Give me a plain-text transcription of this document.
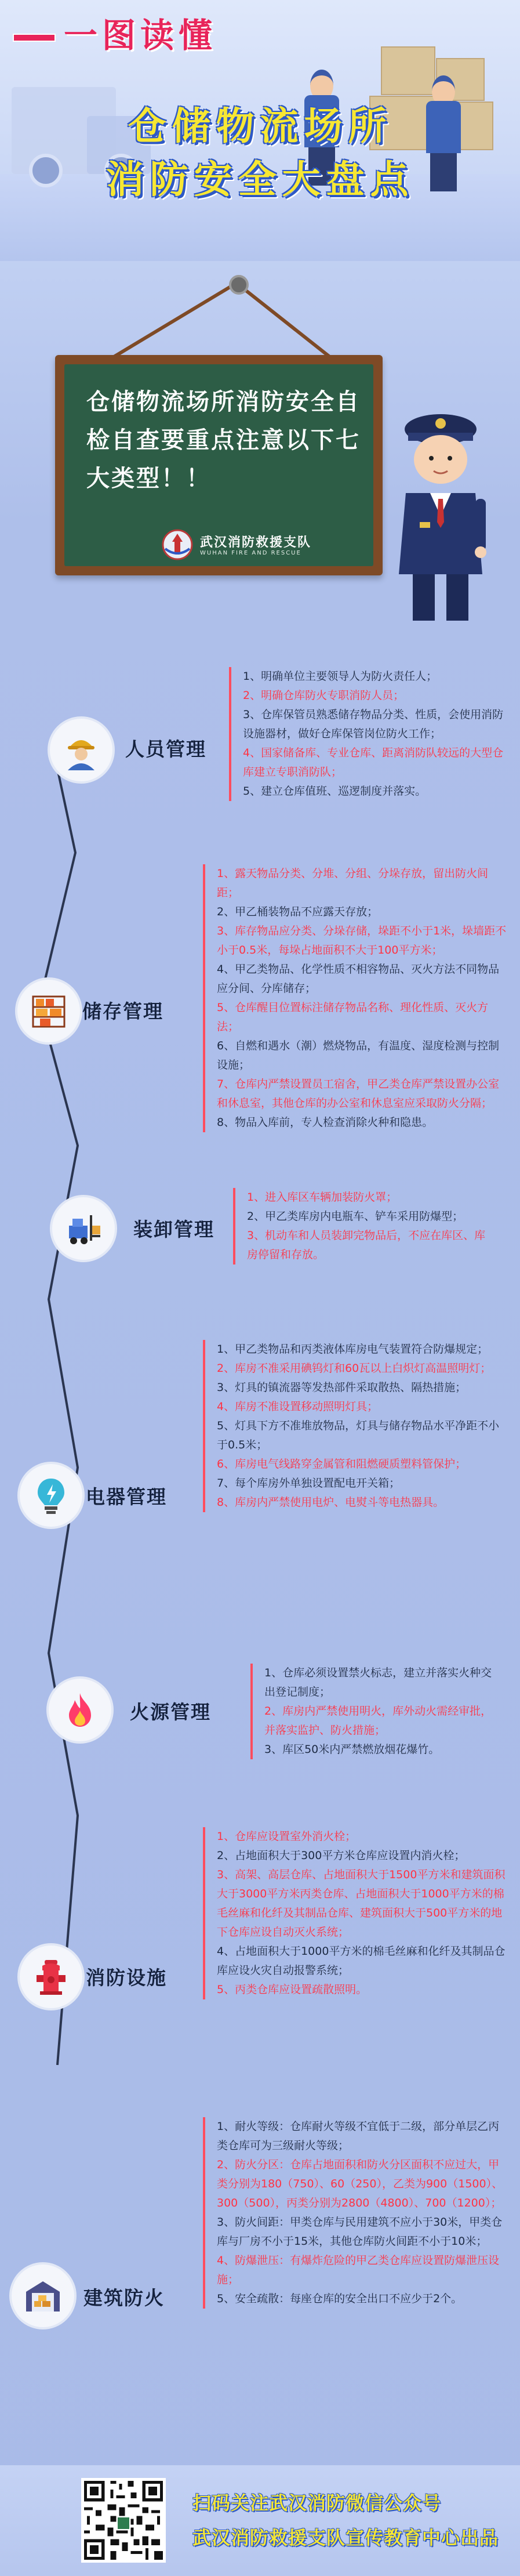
一图读懂
仓储物流场所
消防安全大盘点
仓储物流场所消防安全自检自查要重点注意以下七大类型！！
武汉消防救援支队
WUHAN FIRE AND RESCUE
人员管理
1、明确单位主要领导人为防火责任人；
2、明确仓库防火专职消防人员；
3、仓库保管员熟悉储存物品分类、性质，会使用消防设施器材，做好仓库保管岗位防火工作；
4、国家储备库、专业仓库、距离消防队较远的大型仓库建立专职消防队；
5、建立仓库值班、巡逻制度并落实。
储存管理
1、露天物品分类、分堆、分组、分垛存放，留出防火间距；
2、甲乙桶装物品不应露天存放；
3、库存物品应分类、分垛存储，垛距不小于1米，垛墙距不小于0.5米，每垛占地面积不大于100平方米；
4、甲乙类物品、化学性质不相容物品、灭火方法不同物品应分间、分库储存；
5、仓库醒目位置标注储存物品名称、理化性质、灭火方法；
6、自燃和遇水（潮）燃烧物品，有温度、湿度检测与控制设施；
7、仓库内严禁设置员工宿舍，甲乙类仓库严禁设置办公室和休息室，其他仓库的办公室和休息室应采取防火分隔；
8、物品入库前，专人检查消除火种和隐患。
装卸管理
1、进入库区车辆加装防火罩；
2、甲乙类库房内电瓶车、铲车采用防爆型；
3、机动车和人员装卸完物品后，不应在库区、库房停留和存放。
电器管理
1、甲乙类物品和丙类液体库房电气装置符合防爆规定；
2、库房不准采用碘钨灯和60瓦以上白炽灯高温照明灯；
3、灯具的镇流器等发热部件采取散热、隔热措施；
4、库房不准设置移动照明灯具；
5、灯具下方不准堆放物品，灯具与储存物品水平净距不小于0.5米；
6、库房电气线路穿金属管和阻燃硬质塑料管保护；
7、每个库房外单独设置配电开关箱；
8、库房内严禁使用电炉、电熨斗等电热器具。
火源管理
1、仓库必须设置禁火标志，建立并落实火种交出登记制度；
2、库房内严禁使用明火，库外动火需经审批，并落实监护、防火措施；
3、库区50米内严禁燃放烟花爆竹。
消防设施
1、仓库应设置室外消火栓；
2、占地面积大于300平方米仓库应设置内消火栓；
3、高架、高层仓库、占地面积大于1500平方米和建筑面积大于3000平方米丙类仓库、占地面积大于1000平方米的棉毛丝麻和化纤及其制品仓库、建筑面积大于500平方米的地下仓库应设自动灭火系统；
4、占地面积大于1000平方米的棉毛丝麻和化纤及其制品仓库应设火灾自动报警系统；
5、丙类仓库应设置疏散照明。
建筑防火
1、耐火等级：仓库耐火等级不宜低于二级，部分单层乙丙类仓库可为三级耐火等级；
2、防火分区：仓库占地面积和防火分区面积不应过大，甲类分别为180（750）、60（250），乙类为900（1500）、300（500），丙类分别为2800（4800）、700（1200）；
3、防火间距：甲类仓库与民用建筑不应小于30米，甲类仓库与厂房不小于15米，其他仓库防火间距不小于10米；
4、防爆泄压：有爆炸危险的甲乙类仓库应设置防爆泄压设施；
5、安全疏散：每座仓库的安全出口不应少于2个。
扫码关注武汉消防微信公众号
武汉消防救援支队宣传教育中心出品
